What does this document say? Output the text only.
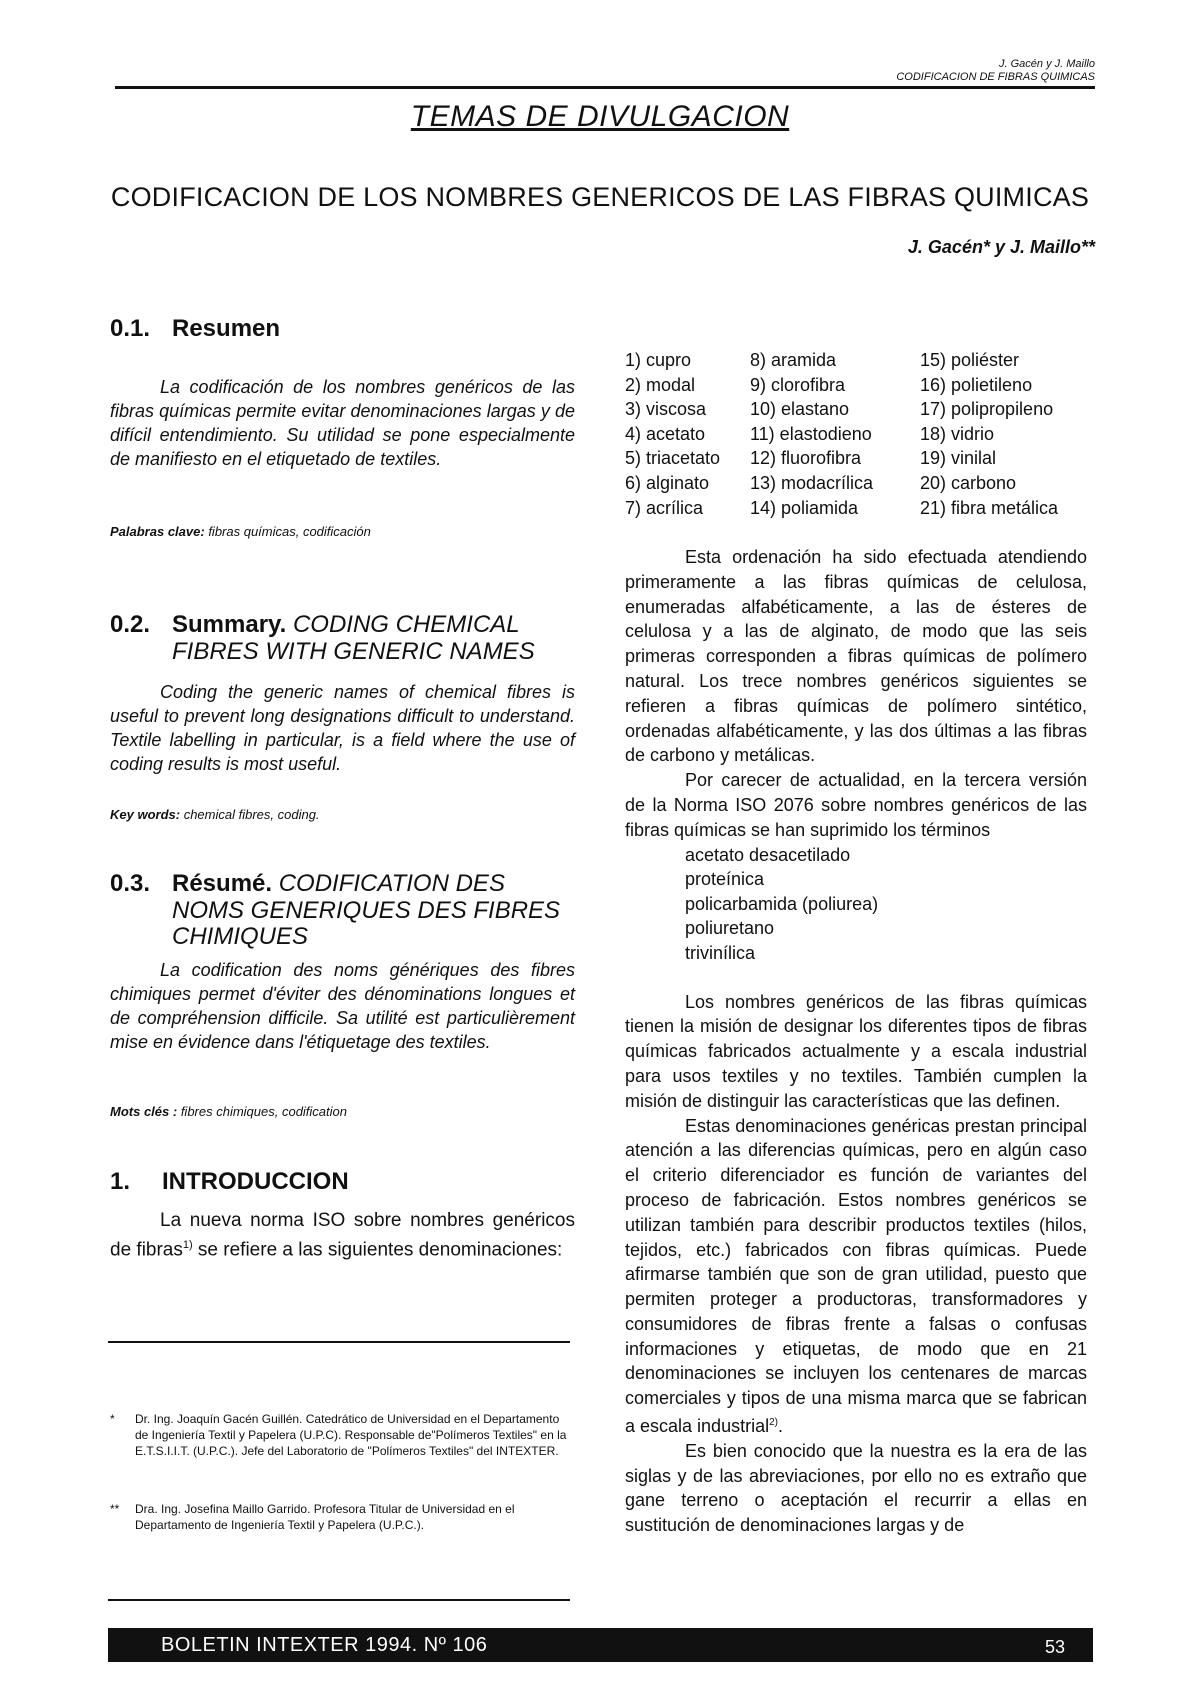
J. Gacén y J. Maillo
CODIFICACION DE FIBRAS QUIMICAS
TEMAS DE DIVULGACION
CODIFICACION DE LOS NOMBRES GENERICOS DE LAS FIBRAS QUIMICAS
J. Gacén* y J. Maillo**
0.1. Resumen
La codificación de los nombres genéricos de las fibras químicas permite evitar denominaciones largas y de difícil entendimiento. Su utilidad se pone especialmente de manifiesto en el etiquetado de textiles.
Palabras clave: fibras químicas, codificación
0.2. Summary. CODING CHEMICAL
FIBRES WITH GENERIC NAMES
Coding the generic names of chemical fibres is useful to prevent long designations difficult to understand. Textile labelling in particular, is a field where the use of coding results is most useful.
Key words: chemical fibres, coding.
0.3. Résumé. CODIFICATION DES
NOMS GENERIQUES DES FIBRES
CHIMIQUES
La codification des noms génériques des fibres chimiques permet d'éviter des dénominations longues et de compréhension difficile. Sa utilité est particulièrement mise en évidence dans l'étiquetage des textiles.
Mots clés : fibres chimiques, codification
1. INTRODUCCION
La nueva norma ISO sobre nombres genéricos de fibras$^{1)}$ se refiere a las siguientes denominaciones:
* Dr. Ing. Joaquín Gacén Guillén. Catedrático de Universidad en el Departamento de Ingeniería Textil y Papelera (U.P.C). Responsable de"Polímeros Textiles" en la E.T.S.I.I.T. (U.P.C.). Jefe del Laboratorio de "Polímeros Textiles" del INTEXTER.
** Dra. Ing. Josefina Maillo Garrido. Profesora Titular de Universidad en el Departamento de Ingeniería Textil y Papelera (U.P.C.).
1) cupro	8) aramida	15) poliéster
2) modal	9) clorofibra	16) polietileno
3) viscosa	10) elastano	17) polipropileno
4) acetato	11) elastodieno	18) vidrio
5) triacetato	12) fluorofibra	19) vinilal
6) alginato	13) modacrílica	20) carbono
7) acrílica	14) poliamida	21) fibra metálica

Esta ordenación ha sido efectuada atendiendo primeramente a las fibras químicas de celulosa, enumeradas alfabéticamente, a las de ésteres de celulosa y a las de alginato, de modo que las seis primeras corresponden a fibras químicas de polímero natural. Los trece nombres genéricos siguientes se refieren a fibras químicas de polímero sintético, ordenadas alfabéticamente, y las dos últimas a las fibras de carbono y metálicas.

Por carecer de actualidad, en la tercera versión de la Norma ISO 2076 sobre nombres genéricos de las fibras químicas se han suprimido los términos

acetato desacetilado
proteínica
policarbamida (poliurea)
poliuretano
trivinílica

Los nombres genéricos de las fibras químicas tienen la misión de designar los diferentes tipos de fibras químicas fabricados actualmente y a escala industrial para usos textiles y no textiles. También cumplen la misión de distinguir las características que las definen.

Estas denominaciones genéricas prestan principal atención a las diferencias químicas, pero en algún caso el criterio diferenciador es función de variantes del proceso de fabricación. Estos nombres genéricos se utilizan también para describir productos textiles (hilos, tejidos, etc.) fabricados con fibras químicas. Puede afirmarse también que son de gran utilidad, puesto que permiten proteger a productoras, transformadores y consumidores de fibras frente a falsas o confusas informaciones y etiquetas, de modo que en 21 denominaciones se incluyen los centenares de marcas comerciales y tipos de una misma marca que se fabrican a escala industrial$^{2)}$.

Es bien conocido que la nuestra es la era de las siglas y de las abreviaciones, por ello no es extraño que gane terreno o aceptación el recurrir a ellas en sustitución de denominaciones largas y de

BOLETIN INTEXTER 1994. Nº 106	53
